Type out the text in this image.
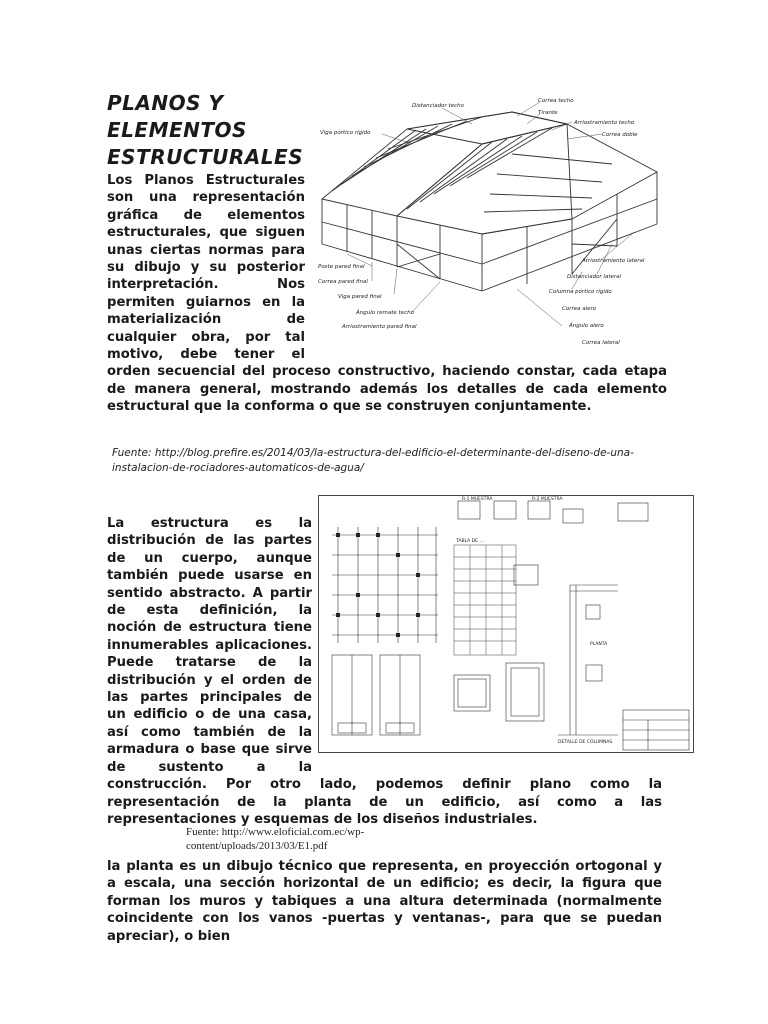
PLANOS Y
ELEMENTOS
ESTRUCTURALES
Distanciador techo
Correa techo
Tirante
Arriostramiento techo
Correa doble
Viga pórtico rígido
Arriostramiento lateral
Distanciador lateral
Columna pórtico rígido
Correa alero
Ángulo alero
Correa lateral
Poste pared final
Correa pared final
Viga pared final
Ángulo remate techo
Arriostramiento pared final
Los Planos Estructurales son una representación gráfica de elementos estructurales, que siguen unas ciertas normas para su dibujo y su posterior interpretación. Nos permiten guiarnos en la materialización de cualquier obra, por tal motivo, debe tener el orden secuencial del proceso constructivo, haciendo constar, cada etapa de manera general, mostrando además los detalles de cada elemento estructural que la conforma o que se construyen conjuntamente.

Fuente: http://blog.prefire.es/2014/03/la-estructura-del-edificio-el-determinante-del-diseno-de-una-instalacion-de-rociadores-automaticos-de-agua/

R-1 MUESTRA	R-2 MUESTRA
PLANTA
DETALLE DE COLUMNAS
TABLA DE ...
La estructura es la distribución de las partes de un cuerpo, aunque también puede usarse en sentido abstracto. A partir de esta definición, la noción de estructura tiene innumerables aplicaciones. Puede tratarse de la distribución y el orden de las partes principales de un edificio o de una casa, así como también de la armadura o base que sirve de sustento a la construcción. Por otro lado, podemos definir plano como la representación de la planta de un edificio, así como a las representaciones y esquemas de los diseños industriales.

Fuente: http://www.eloficial.com.ec/wp-content/uploads/2013/03/E1.pdf

la planta es un dibujo técnico que representa, en proyección ortogonal y a escala, una sección horizontal de un edificio; es decir, la figura que forman los muros y tabiques a una altura determinada (normalmente coincidente con los vanos -puertas y ventanas-, para que se puedan apreciar), o bien
